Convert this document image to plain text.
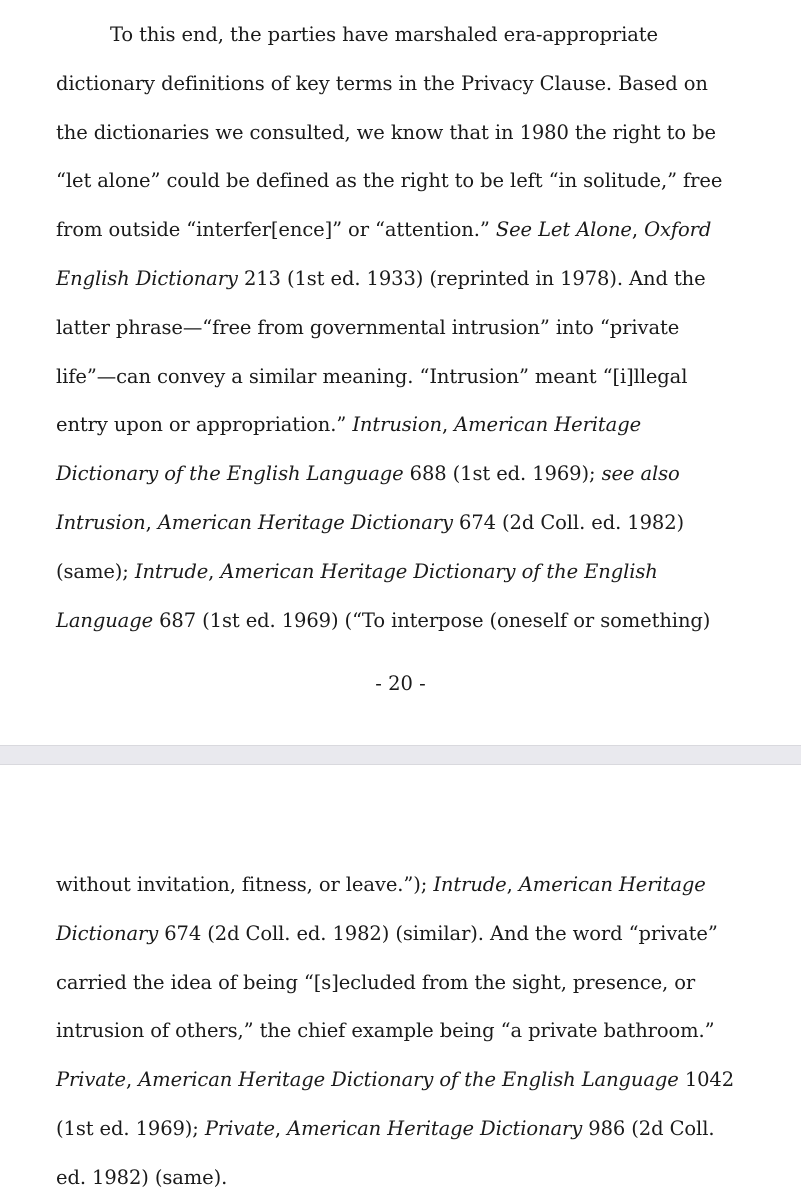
To this end, the parties have marshaled era-appropriate
dictionary definitions of key terms in the Privacy Clause. Based on
the dictionaries we consulted, we know that in 1980 the right to be
“let alone” could be defined as the right to be left “in solitude,” free
from outside “interfer[ence]” or “attention.” See Let Alone, Oxford
English Dictionary 213 (1st ed. 1933) (reprinted in 1978). And the
latter phrase—“free from governmental intrusion” into “private
life”—can convey a similar meaning. “Intrusion” meant “[i]llegal
entry upon or appropriation.” Intrusion, American Heritage
Dictionary of the English Language 688 (1st ed. 1969); see also
Intrusion, American Heritage Dictionary 674 (2d Coll. ed. 1982)
(same); Intrude, American Heritage Dictionary of the English
Language 687 (1st ed. 1969) (“To interpose (oneself or something)
- 20 -
without invitation, fitness, or leave.”); Intrude, American Heritage
Dictionary 674 (2d Coll. ed. 1982) (similar). And the word “private”
carried the idea of being “[s]ecluded from the sight, presence, or
intrusion of others,” the chief example being “a private bathroom.”
Private, American Heritage Dictionary of the English Language 1042
(1st ed. 1969); Private, American Heritage Dictionary 986 (2d Coll.
ed. 1982) (same).
